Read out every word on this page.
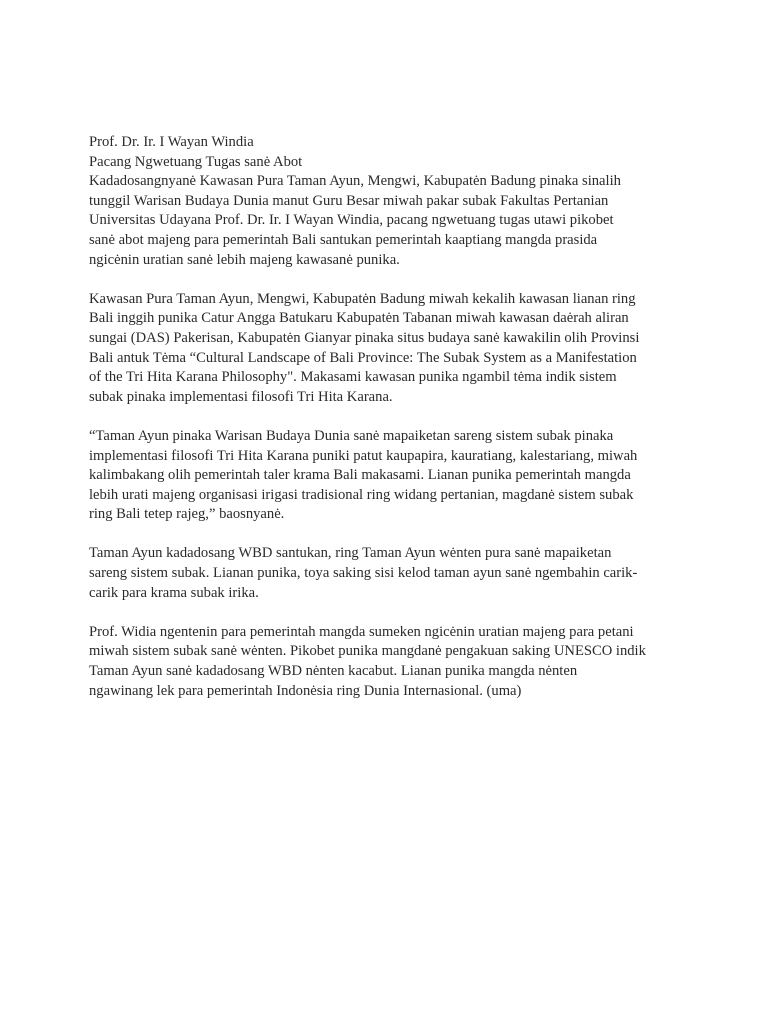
Prof. Dr. Ir. I Wayan Windia
Pacang Ngwetuang Tugas sanė Abot
Kadadosangnyanė Kawasan Pura Taman Ayun, Mengwi, Kabupatėn Badung pinaka sinalih
tunggil Warisan Budaya Dunia manut Guru Besar miwah pakar subak Fakultas Pertanian
Universitas Udayana Prof. Dr. Ir. I Wayan Windia, pacang ngwetuang tugas utawi pikobet
sanė abot majeng para pemerintah Bali santukan pemerintah kaaptiang mangda prasida
ngicėnin uratian sanė lebih majeng kawasanė punika.
Kawasan Pura Taman Ayun, Mengwi, Kabupatėn Badung miwah kekalih kawasan lianan ring
Bali inggih punika Catur Angga Batukaru Kabupatėn Tabanan miwah kawasan daėrah aliran
sungai (DAS) Pakerisan, Kabupatėn Gianyar pinaka situs budaya sanė kawakilin olih Provinsi
Bali antuk Tėma “Cultural Landscape of Bali Province: The Subak System as a Manifestation
of the Tri Hita Karana Philosophy". Makasami kawasan punika ngambil tėma indik sistem
subak pinaka implementasi filosofi Tri Hita Karana.
“Taman Ayun pinaka Warisan Budaya Dunia sanė mapaiketan sareng sistem subak pinaka
implementasi filosofi Tri Hita Karana puniki patut kaupapira, kauratiang, kalestariang, miwah
kalimbakang olih pemerintah taler krama Bali makasami. Lianan punika pemerintah mangda
lebih urati majeng organisasi irigasi tradisional ring widang pertanian, magdanė sistem subak
ring Bali tetep rajeg,” baosnyanė.
Taman Ayun kadadosang WBD santukan, ring Taman Ayun wėnten pura sanė mapaiketan
sareng sistem subak. Lianan punika, toya saking sisi kelod taman ayun sanė ngembahin carik-
carik para krama subak irika.
Prof. Widia ngentenin para pemerintah mangda sumeken ngicėnin uratian majeng para petani
miwah sistem subak sanė wėnten. Pikobet punika mangdanė pengakuan saking UNESCO indik
Taman Ayun sanė kadadosang WBD nėnten kacabut. Lianan punika mangda nėnten
ngawinang lek para pemerintah Indonėsia ring Dunia Internasional. (uma)
